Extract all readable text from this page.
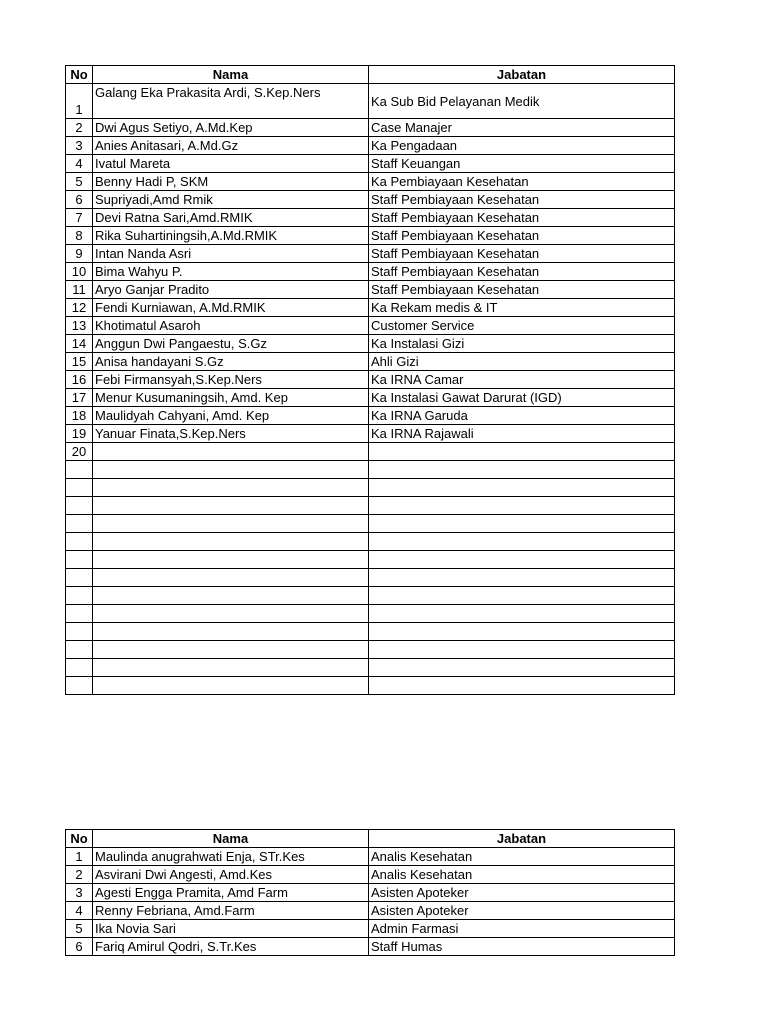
No	Nama	Jabatan
1	Galang Eka Prakasita Ardi, S.Kep.Ners	Ka Sub Bid Pelayanan Medik
2	Dwi Agus Setiyo, A.Md.Kep	Case Manajer
3	Anies Anitasari, A.Md.Gz	Ka Pengadaan
4	Ivatul Mareta	Staff Keuangan
5	Benny Hadi P, SKM	Ka Pembiayaan Kesehatan
6	Supriyadi,Amd Rmik	Staff Pembiayaan Kesehatan
7	Devi Ratna Sari,Amd.RMIK	Staff Pembiayaan Kesehatan
8	Rika Suhartiningsih,A.Md.RMIK	Staff Pembiayaan Kesehatan
9	Intan Nanda Asri	Staff Pembiayaan Kesehatan
10	Bima Wahyu P.	Staff Pembiayaan Kesehatan
11	Aryo Ganjar Pradito	Staff Pembiayaan Kesehatan
12	Fendi Kurniawan, A.Md.RMIK	Ka Rekam medis & IT
13	Khotimatul Asaroh	Customer Service
14	Anggun Dwi Pangaestu, S.Gz	Ka Instalasi Gizi
15	Anisa handayani S.Gz	Ahli Gizi
16	Febi Firmansyah,S.Kep.Ners	Ka IRNA Camar
17	Menur Kusumaningsih, Amd. Kep	Ka Instalasi Gawat Darurat (IGD)
18	Maulidyah Cahyani, Amd. Kep	Ka IRNA Garuda
19	Yanuar Finata,S.Kep.Ners	Ka IRNA Rajawali
20		

No	Nama	Jabatan
1	Maulinda anugrahwati Enja, STr.Kes	Analis Kesehatan
2	Asvirani Dwi Angesti, Amd.Kes	Analis Kesehatan
3	Agesti Engga Pramita, Amd Farm	Asisten Apoteker
4	Renny Febriana, Amd.Farm	Asisten Apoteker
5	Ika Novia Sari	Admin Farmasi
6	Fariq Amirul Qodri, S.Tr.Kes	Staff Humas
